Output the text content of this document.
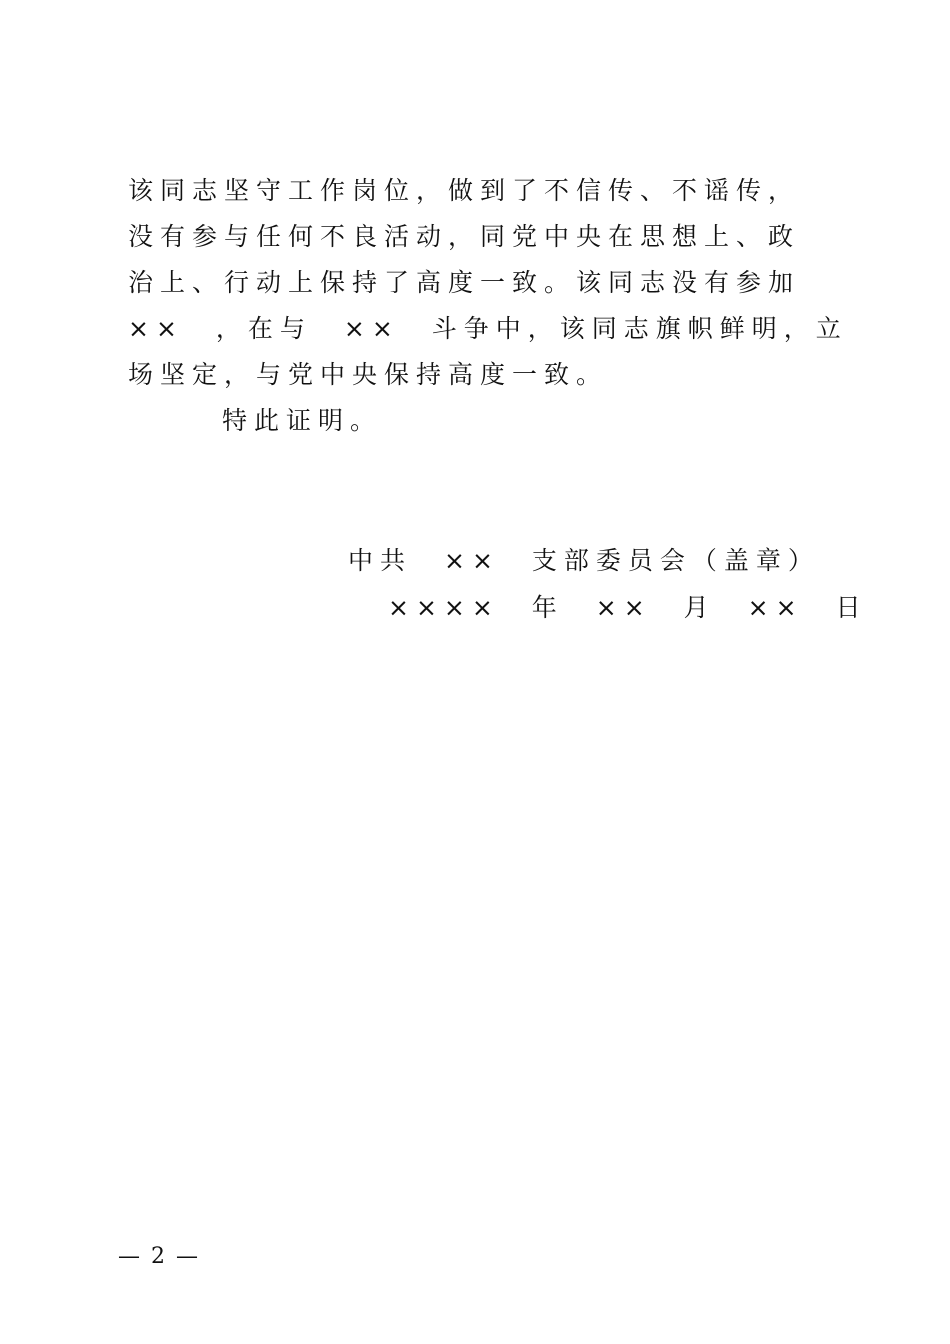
该同志坚守工作岗位，做到了不信传、不谣传，
没有参与任何不良活动，同党中央在思想上、政
治上、行动上保持了高度一致。该同志没有参加
××　，在与　××　斗争中，该同志旗帜鲜明，立
场坚定，与党中央保持高度一致。
特此证明。
中共　××　支部委员会（盖章）
××××　年　××　月　××　日
— 2 —
